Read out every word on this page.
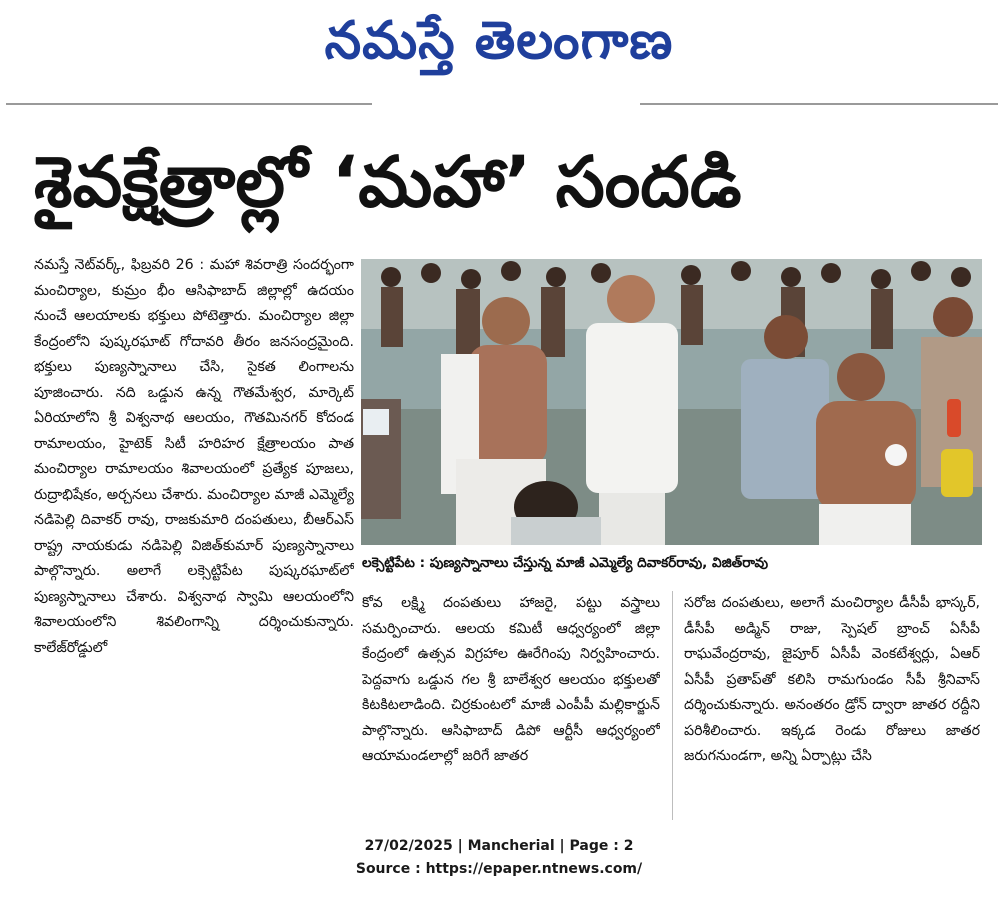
నమస్తే తెలంగాణ
శైవక్షేత్రాల్లో ‘మహా’ సందడి
నమస్తే నెట్‌వర్క్, ఫిబ్రవరి 26 : మహా శివరాత్రి సందర్భంగా మంచిర్యాల, కుమ్రం భీం ఆసిఫాబాద్ జిల్లాల్లో ఉదయం నుంచే ఆలయాలకు భక్తులు పోటెత్తారు. మంచిర్యాల జిల్లా కేంద్రంలోని పుష్కరఘాట్ గోదావరి తీరం జనసంద్రమైంది. భక్తులు పుణ్యస్నానాలు చేసి, సైకత లింగాలను పూజించారు. నది ఒడ్డున ఉన్న గౌతమేశ్వర, మార్కెట్ ఏరియాలోని శ్రీ విశ్వనాథ ఆలయం, గౌతమినగర్ కోదండ రామాలయం, హైటెక్ సిటీ హరిహర క్షేత్రాలయం పాత మంచిర్యాల రామాలయం శివాలయంలో ప్రత్యేక పూజలు, రుద్రాభిషేకం, అర్చనలు చేశారు. మంచిర్యాల మాజీ ఎమ్మెల్యే నడిపెల్లి దివాకర్ రావు, రాజకుమారి దంపతులు, బీఆర్ఎస్ రాష్ట్ర నాయకుడు నడిపెల్లి విజిత్‌కుమార్ పుణ్యస్నానాలు పాల్గొన్నారు. అలాగే లక్సెట్టిపేట పుష్కరఘాట్‌లో పుణ్యస్నానాలు చేశారు. విశ్వనాథ స్వామి ఆలయంలోని శివాలయంలోని శివలింగాన్ని దర్శించుకున్నారు. కాలేజ్‌రోడ్డులో
లక్సెట్టిపేట : పుణ్యస్నానాలు చేస్తున్న మాజీ ఎమ్మెల్యే దివాకర్‌రావు, విజిత్‌రావు
కోవ లక్ష్మి దంపతులు హాజరై, పట్టు వస్త్రాలు సమర్పించారు. ఆలయ కమిటీ ఆధ్వర్యంలో జిల్లా కేంద్రంలో ఉత్సవ విగ్రహాల ఊరేగింపు నిర్వహించారు. పెద్దవాగు ఒడ్డున గల శ్రీ బాలేశ్వర ఆలయం భక్తులతో కిటకిటలాడింది. చిర్రకుంటలో మాజీ ఎంపీపీ మల్లికార్జున్ పాల్గొన్నారు. ఆసిఫాబాద్ డిపో ఆర్టీసీ ఆధ్వర్యంలో ఆయామండలాల్లో జరిగే జాతర
సరోజ దంపతులు, అలాగే మంచిర్యాల డీసీపీ భాస్కర్, డీసీపీ అడ్మిన్ రాజు, స్పెషల్ బ్రాంచ్ ఏసీపీ రాఘవేంద్రరావు, జైపూర్ ఏసీపీ వెంకటేశ్వర్లు, ఏఆర్ ఏసీపీ ప్రతాప్‌తో కలిసి రామగుండం సీపీ శ్రీనివాస్ దర్శించుకున్నారు. అనంతరం డ్రోన్ ద్వారా జాతర రద్దీని పరిశీలించారు. ఇక్కడ రెండు రోజులు జాతర జరుగనుండగా, అన్ని ఏర్పాట్లు చేసి
27/02/2025 | Mancherial | Page : 2
Source : https://epaper.ntnews.com/
